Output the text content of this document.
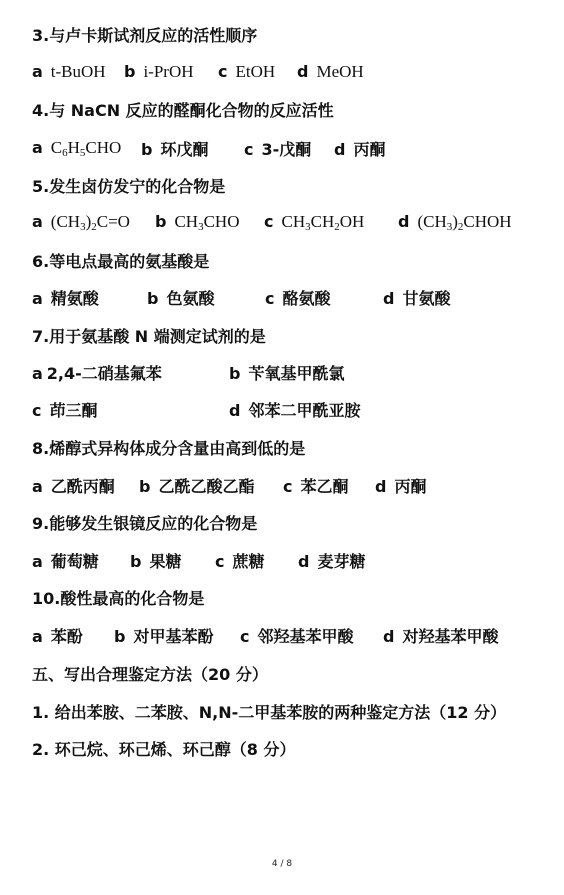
3.与卢卡斯试剂反应的活性顺序
a t-BuOH b i-PrOH c EtOH d MeOH
4.与 NaCN 反应的醛酮化合物的反应活性
a $C_6H_5CHO$ b 环戊酮 c 3-戊酮 d 丙酮
5.发生卤仿发宁的化合物是
a $(CH_3)_2C=O$ b $CH_3CHO$ c $CH_3CH_2OH$ d $(CH_3)_2CHOH$
6.等电点最高的氨基酸是
a 精氨酸	b 色氨酸	c 酪氨酸	d 甘氨酸
7.用于氨基酸 N 端测定试剂的是
a 2,4-二硝基氟苯	b 苄氧基甲酰氯
c 茚三酮	d 邻苯二甲酰亚胺
8.烯醇式异构体成分含量由高到低的是
a 乙酰丙酮 b 乙酰乙酸乙酯 c 苯乙酮 d 丙酮
9.能够发生银镜反应的化合物是
a 葡萄糖 b 果糖 c 蔗糖 d 麦芽糖
10.酸性最高的化合物是
a 苯酚 b 对甲基苯酚 c 邻羟基苯甲酸 d 对羟基苯甲酸
五、写出合理鉴定方法（20 分）
1. 给出苯胺、二苯胺、N,N-二甲基苯胺的两种鉴定方法（12 分）
2. 环己烷、环己烯、环己醇（8 分）
4 / 8
